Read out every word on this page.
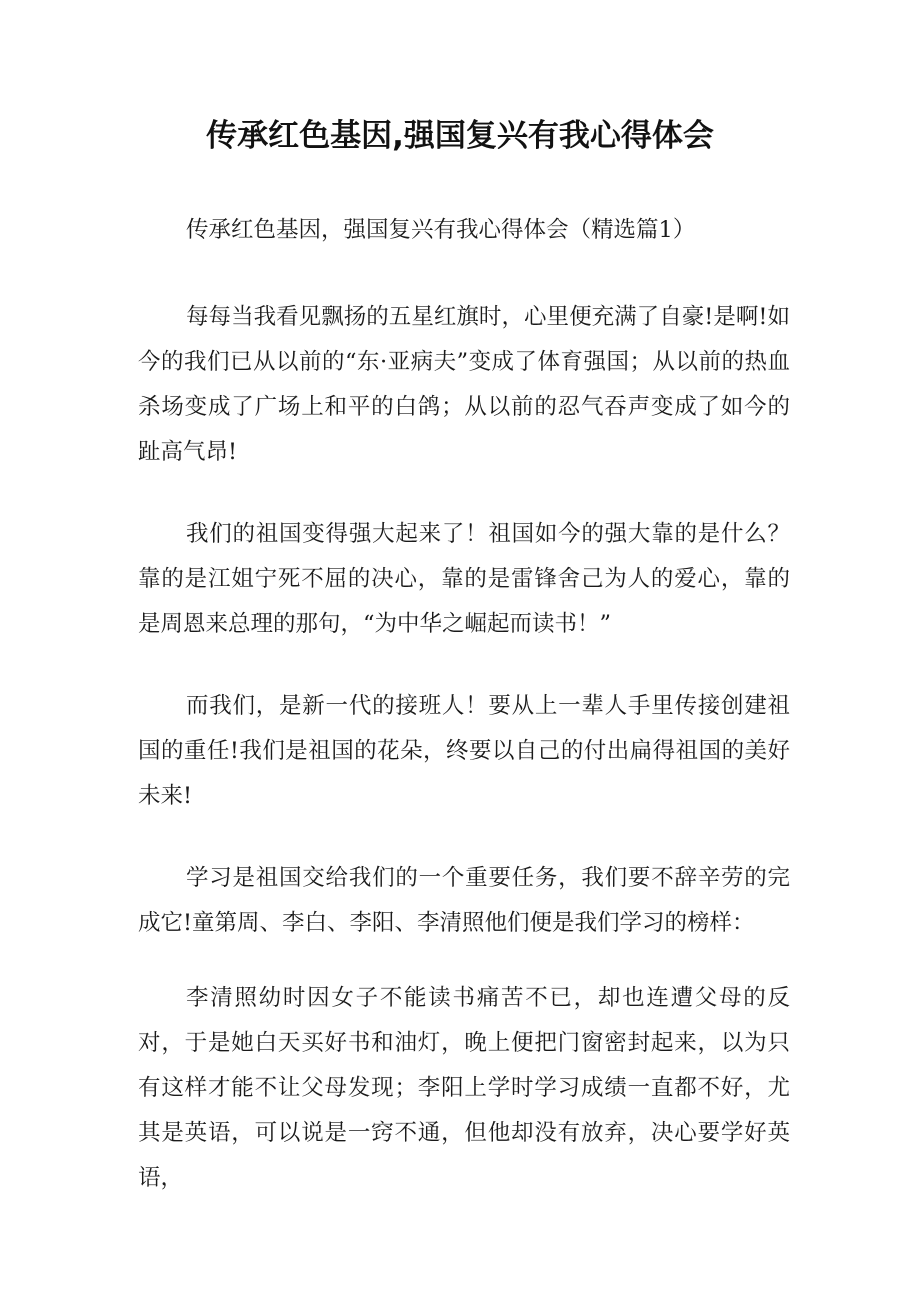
传承红色基因,强国复兴有我心得体会

传承红色基因，强国复兴有我心得体会（精选篇1）

每每当我看见飘扬的五星红旗时，心里便充满了自豪!是啊!如今的我们已从以前的“东·亚病夫”变成了体育强国；从以前的热血杀场变成了广场上和平的白鸽；从以前的忍气吞声变成了如今的趾高气昂!

我们的祖国变得强大起来了！祖国如今的强大靠的是什么？靠的是江姐宁死不屈的决心，靠的是雷锋舍己为人的爱心，靠的是周恩来总理的那句，“为中华之崛起而读书！”

而我们，是新一代的接班人！要从上一辈人手里传接创建祖国的重任!我们是祖国的花朵，终要以自己的付出扁得祖国的美好未来!

学习是祖国交给我们的一个重要任务，我们要不辞辛劳的完成它!童第周、李白、李阳、李清照他们便是我们学习的榜样：

李清照幼时因女子不能读书痛苦不已，却也连遭父母的反对，于是她白天买好书和油灯，晚上便把门窗密封起来，以为只有这样才能不让父母发现；李阳上学时学习成绩一直都不好，尤其是英语，可以说是一窍不通，但他却没有放弃，决心要学好英语，
